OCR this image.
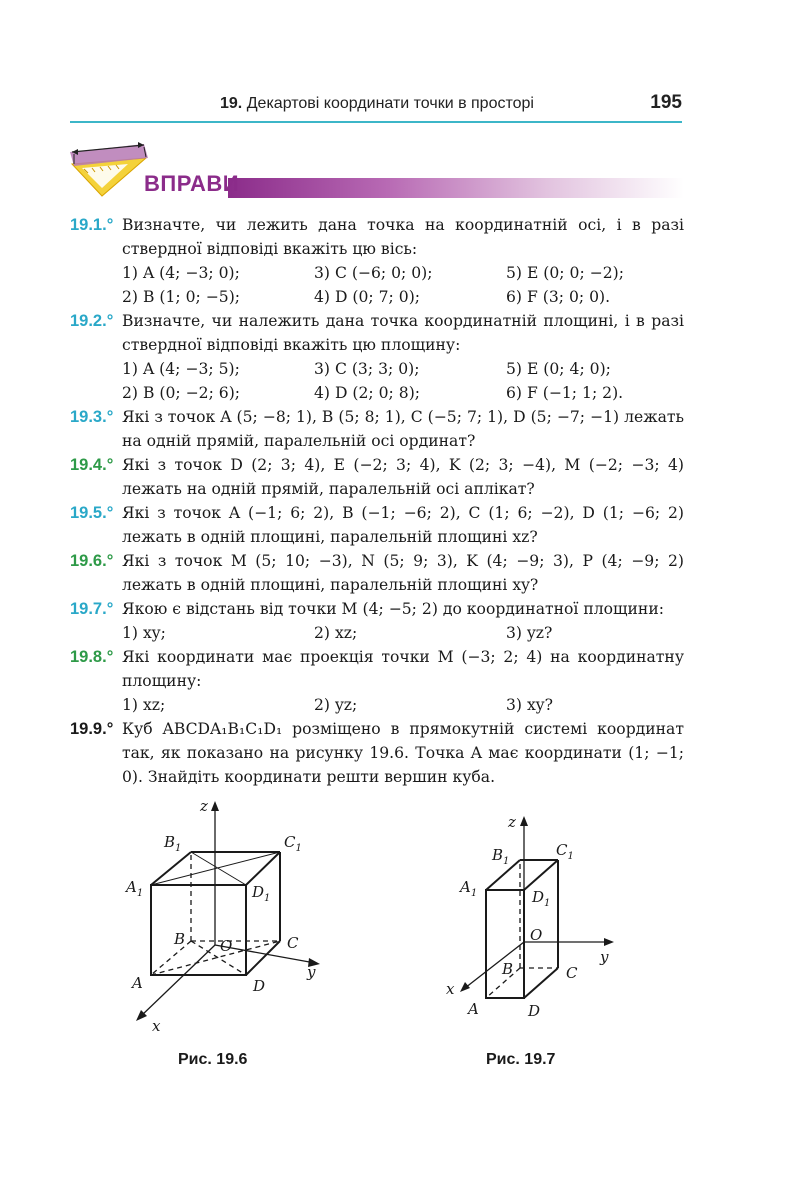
19. Декартові координати точки в просторі	195
ВПРАВИ
19.1.° Визначте, чи лежить дана точка на координатній осі, і в разі ствердної відповіді вкажіть цю вісь:
1) A (4; −3; 0);	3) C (−6; 0; 0);	5) E (0; 0; −2);
2) B (1; 0; −5);	4) D (0; 7; 0);	6) F (3; 0; 0).
19.2.° Визначте, чи належить дана точка координатній площині, і в разі ствердної відповіді вкажіть цю площину:
1) A (4; −3; 5);	3) C (3; 3; 0);	5) E (0; 4; 0);
2) B (0; −2; 6);	4) D (2; 0; 8);	6) F (−1; 1; 2).
19.3.° Які з точок A (5; −8; 1), B (5; 8; 1), C (−5; 7; 1), D (5; −7; −1) лежать на одній прямій, паралельній осі ординат?
19.4.° Які з точок D (2; 3; 4), E (−2; 3; 4), K (2; 3; −4), M (−2; −3; 4) лежать на одній прямій, паралельній осі аплікат?
19.5.° Які з точок A (−1; 6; 2), B (−1; −6; 2), C (1; 6; −2), D (1; −6; 2) лежать в одній площині, паралельній площині xz?
19.6.° Які з точок M (5; 10; −3), N (5; 9; 3), K (4; −9; 3), P (4; −9; 2) лежать в одній площині, паралельній площині xy?
19.7.° Якою є відстань від точки M (4; −5; 2) до координатної площини:
1) xy;	2) xz;	3) yz?
19.8.° Які координати має проекція точки M (−3; 2; 4) на координатну площину:
1) xz;	2) yz;	3) xy?
19.9.° Куб ABCDA₁B₁C₁D₁ розміщено в прямокутній системі координат так, як показано на рисунку 19.6. Точка A має координати (1; −1; 0). Знайдіть координати решти вершин куба.
z
y
x
O
A
B	C
D
$A_1$
$B_1$	$C_1$
$D_1$
Рис. 19.6
z
y
x
O
A
B	C
D
$A_1$
$B_1$
$C_1$
$D_1$
Рис. 19.7
